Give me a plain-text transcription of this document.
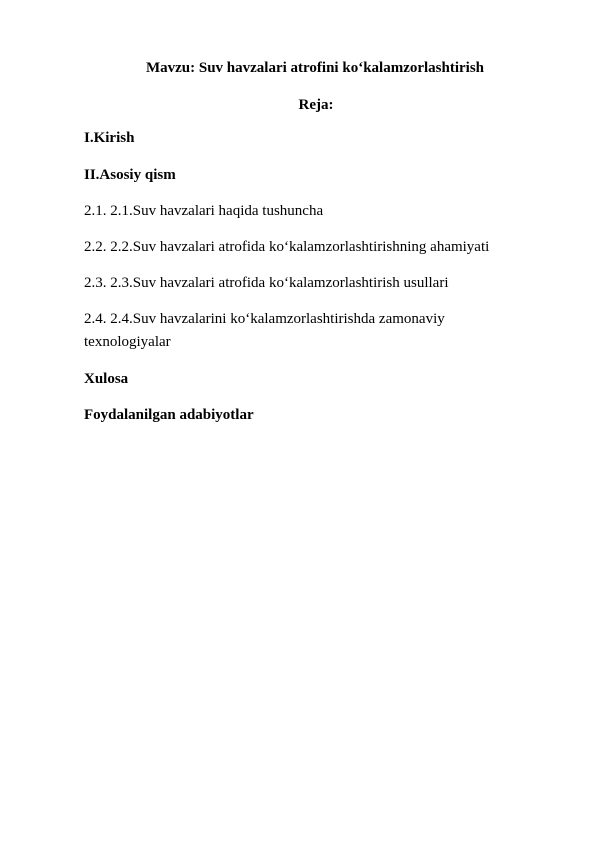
Mavzu: Suv havzalari atrofini ko‘kalamzorlashtirish
Reja:
I.Kirish
II.Asosiy qism
2.1. 2.1.Suv havzalari haqida tushuncha
2.2. 2.2.Suv havzalari atrofida ko‘kalamzorlashtirishning ahamiyati
2.3. 2.3.Suv havzalari atrofida ko‘kalamzorlashtirish usullari
2.4. 2.4.Suv havzalarini ko‘kalamzorlashtirishda zamonaviy texnologiyalar
Xulosa
Foydalanilgan adabiyotlar
